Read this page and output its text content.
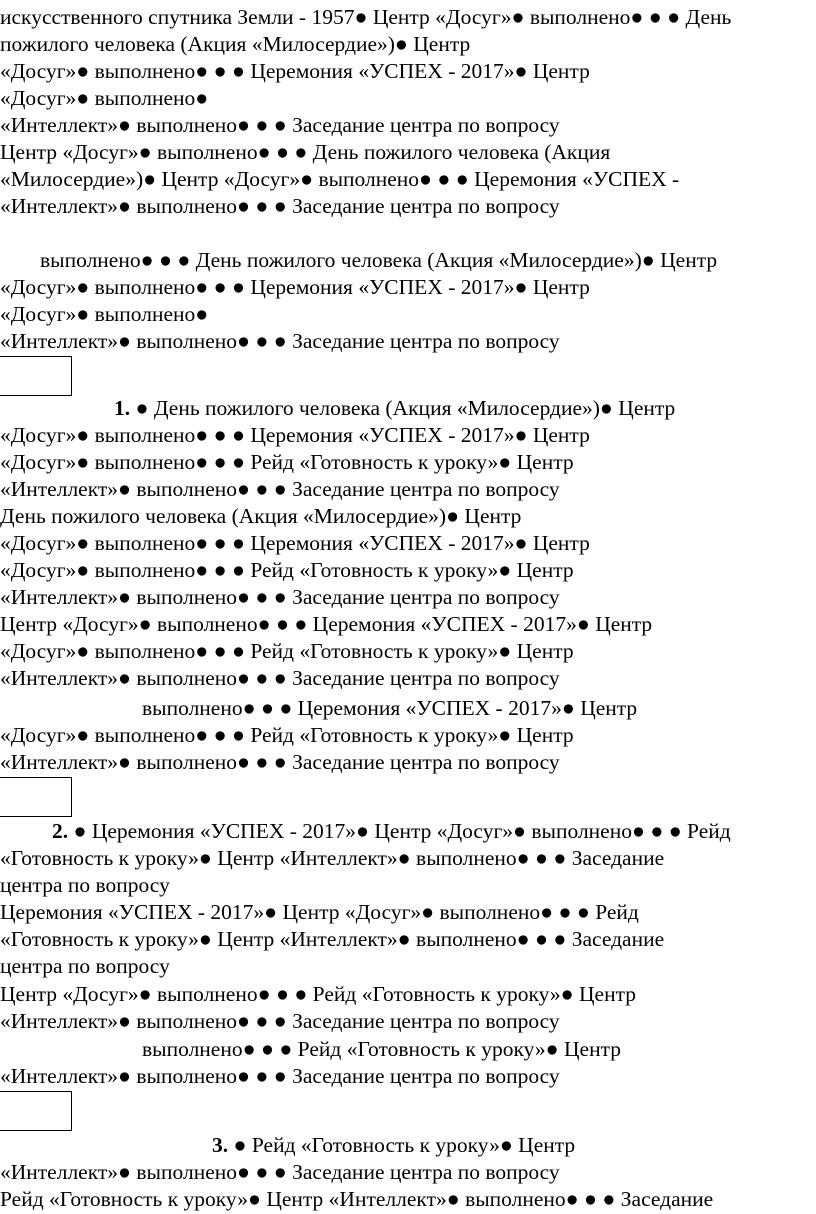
искусственного спутника Земли - 1957● Центр «Досуг»● выполнено● ● ● День
пожилого человека (Акция «Милосердие»)● Центр
«Досуг»● выполнено● ● ● Церемония «УСПЕХ - 2017»● Центр
«Досуг»● выполнено●
«Интеллект»● выполнено● ● ● Заседание центра по вопросу
Центр «Досуг»● выполнено● ● ● День пожилого человека (Акция
«Милосердие»)● Центр «Досуг»● выполнено● ● ● Церемония «УСПЕХ -
«Интеллект»● выполнено● ● ● Заседание центра по вопросу
выполнено● ● ● День пожилого человека (Акция «Милосердие»)● Центр
«Досуг»● выполнено● ● ● Церемония «УСПЕХ - 2017»● Центр
«Досуг»● выполнено●
«Интеллект»● выполнено● ● ● Заседание центра по вопросу
1. ● День пожилого человека (Акция «Милосердие»)● Центр
«Досуг»● выполнено● ● ● Церемония «УСПЕХ - 2017»● Центр
«Досуг»● выполнено● ● ● Рейд «Готовность к уроку»● Центр
«Интеллект»● выполнено● ● ● Заседание центра по вопросу
День пожилого человека (Акция «Милосердие»)● Центр
«Досуг»● выполнено● ● ● Церемония «УСПЕХ - 2017»● Центр
«Досуг»● выполнено● ● ● Рейд «Готовность к уроку»● Центр
«Интеллект»● выполнено● ● ● Заседание центра по вопросу
Центр «Досуг»● выполнено● ● ● Церемония «УСПЕХ - 2017»● Центр
«Досуг»● выполнено● ● ● Рейд «Готовность к уроку»● Центр
«Интеллект»● выполнено● ● ● Заседание центра по вопросу
выполнено● ● ● Церемония «УСПЕХ - 2017»● Центр
«Досуг»● выполнено● ● ● Рейд «Готовность к уроку»● Центр
«Интеллект»● выполнено● ● ● Заседание центра по вопросу
2. ● Церемония «УСПЕХ - 2017»● Центр «Досуг»● выполнено● ● ● Рейд
«Готовность к уроку»● Центр «Интеллект»● выполнено● ● ● Заседание
центра по вопросу
Церемония «УСПЕХ - 2017»● Центр «Досуг»● выполнено● ● ● Рейд
«Готовность к уроку»● Центр «Интеллект»● выполнено● ● ● Заседание
центра по вопросу
Центр «Досуг»● выполнено● ● ● Рейд «Готовность к уроку»● Центр
«Интеллект»● выполнено● ● ● Заседание центра по вопросу
выполнено● ● ● Рейд «Готовность к уроку»● Центр
«Интеллект»● выполнено● ● ● Заседание центра по вопросу
3. ● Рейд «Готовность к уроку»● Центр
«Интеллект»● выполнено● ● ● Заседание центра по вопросу
Рейд «Готовность к уроку»● Центр «Интеллект»● выполнено● ● ● Заседание
